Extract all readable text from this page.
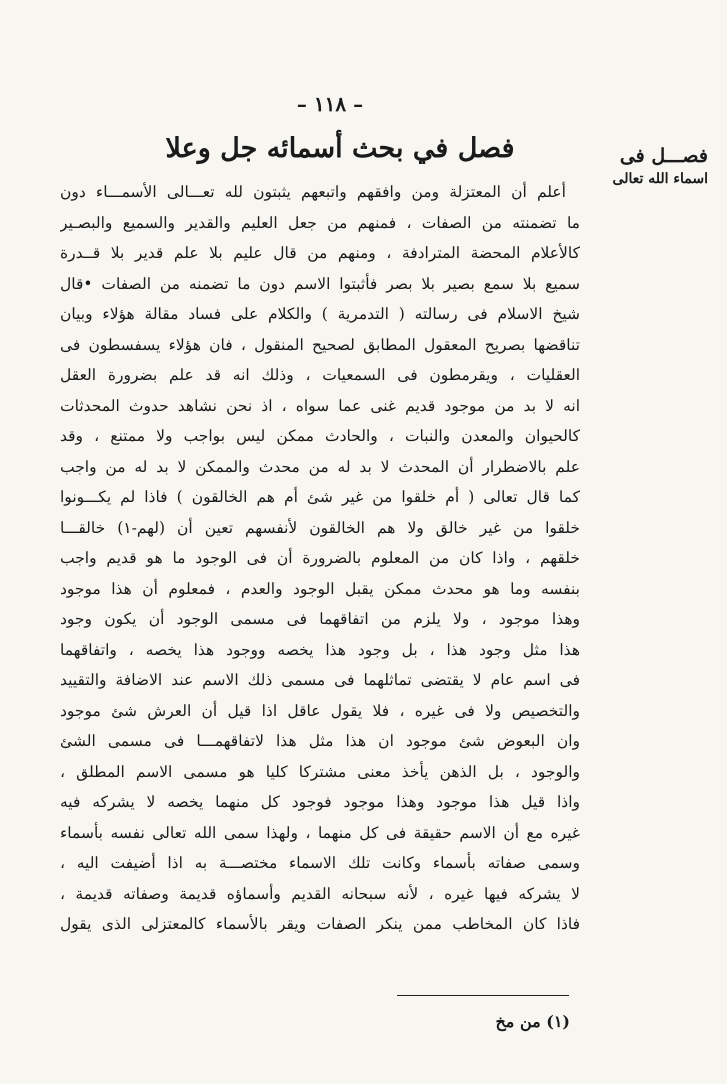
– ١١٨ –
فصل في بحث أسمائه جل وعلا	فصـــل فى
اسماء الله تعالى
أعلم أن المعتزلة ومن وافقهم واتبعهم يثبتون لله تعـــالى الأسمـــاء دون
ما تضمنته من الصفات ، فمنهم من جعل العليم والقدير والسميع والبصـير
كالأعلام المحضة المترادفة ، ومنهم من قال عليم بلا علم قدير بلا قــدرة
سميع بلا سمع بصير بلا بصر فأثبتوا الاسم دون ما تضمنه من الصفات •قال
شيخ الاسلام فى رسالته ( التدمرية ) والكلام على فساد مقالة هؤلاء وبيان
تناقضها بصريح المعقول المطابق لصحيح المنقول ، فان هؤلاء يسفسطون فى
العقليات ، ويقرمطون فى السمعيات ، وذلك انه قد علم بضرورة العقل
انه لا بد من موجود قديم غنى عما سواه ، اذ نحن نشاهد حدوث المحدثات
كالحيوان والمعدن والنبات ، والحادث ممكن ليس بواجب ولا ممتنع ، وقد
علم بالاضطرار أن المحدث لا بد له من محدث والممكن لا بد له من واجب
كما قال تعالى ( أم خلقوا من غير شئ أم هم الخالقون ) فاذا لم يكـــونوا
خلقوا من غير خالق ولا هم الخالقون لأنفسهم تعين أن (لهم-١) خالقـــا
خلقهم ، واذا كان من المعلوم بالضرورة أن فى الوجود ما هو قديم واجب
بنفسه وما هو محدث ممكن يقبل الوجود والعدم ، فمعلوم أن هذا موجود
وهذا موجود ، ولا يلزم من اتفاقهما فى مسمى الوجود أن يكون وجود
هذا مثل وجود هذا ، بل وجود هذا يخصه ووجود هذا يخصه ، واتفاقهما
فى اسم عام لا يقتضى تماثلهما فى مسمى ذلك الاسم عند الاضافة والتقييد
والتخصيص ولا فى غيره ، فلا يقول عاقل اذا قيل أن العرش شئ موجود
وان البعوض شئ موجود ان هذا مثل هذا لاتفاقهمـــا فى مسمى الشئ
والوجود ، بل الذهن يأخذ معنى مشتركا كليا هو مسمى الاسم المطلق ،
واذا قيل هذا موجود وهذا موجود فوجود كل منهما يخصه لا يشركه فيه
غيره مع أن الاسم حقيقة فى كل منهما ، ولهذا سمى الله تعالى نفسه بأسماء
وسمى صفاته بأسماء وكانت تلك الاسماء مختصـــة به اذا أضيفت اليه ،
لا يشركه فيها غيره ، لأنه سبحانه القديم وأسماؤه قديمة وصفاته قديمة ،
فاذا كان المخاطب ممن ينكر الصفات ويقر بالأسماء كالمعتزلى الذى يقول
(١) من مخ
